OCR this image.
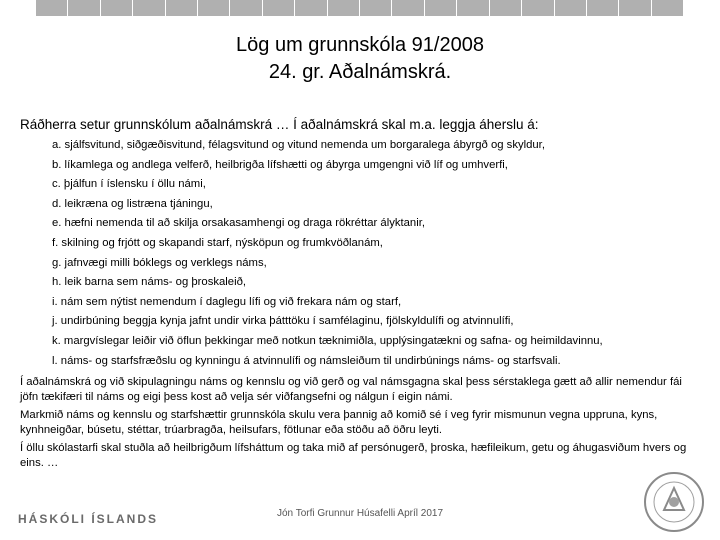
Lög um grunnskóla 91/2008
24. gr. Aðalnámskrá.
Ráðherra setur grunnskólum aðalnámskrá … Í aðalnámskrá skal m.a. leggja áherslu á:
a. sjálfsvitund, siðgæðisvitund, félagsvitund og vitund nemenda um borgaralega ábyrgð og skyldur,
b. líkamlega og andlega velferð, heilbrigða lífshætti og ábyrga umgengni við líf og umhverfi,
c. þjálfun í íslensku í öllu námi,
d. leikræna og listræna tjáningu,
e. hæfni nemenda til að skilja orsakasamhengi og draga rökréttar ályktanir,
f. skilning og frjótt og skapandi starf, nýsköpun og frumkvöðlanám,
g. jafnvægi milli bóklegs og verklegs náms,
h. leik barna sem náms- og þroskaleið,
i. nám sem nýtist nemendum í daglegu lífi og við frekara nám og starf,
j. undirbúning beggja kynja jafnt undir virka þátttöku í samfélaginu, fjölskyldulífi og atvinnulífi,
k. margvíslegar leiðir við öflun þekkingar með notkun tæknimiðla, upplýsingatækni og safna- og heimildavinnu,
l. náms- og starfsfræðslu og kynningu á atvinnulífi og námsleiðum til undirbúnings náms- og starfsvali.
Í aðalnámskrá og við skipulagningu náms og kennslu og við gerð og val námsgagna skal þess sérstaklega gætt að allir nemendur fái jöfn tækifæri til náms og eigi þess kost að velja sér viðfangsefni og nálgun í eigin námi.
Markmið náms og kennslu og starfshættir grunnskóla skulu vera þannig að komið sé í veg fyrir mismunun vegna uppruna, kyns, kynhneigðar, búsetu, stéttar, trúarbragða, heilsufars, fötlunar eða stöðu að öðru leyti.
Í öllu skólastarfi skal stuðla að heilbrigðum lífsháttum og taka mið af persónugerð, þroska, hæfileikum, getu og áhugasviðum hvers og eins. …
HÁSKÓLI ÍSLANDS	Jón Torfi Grunnur Húsafelli Apríl 2017
